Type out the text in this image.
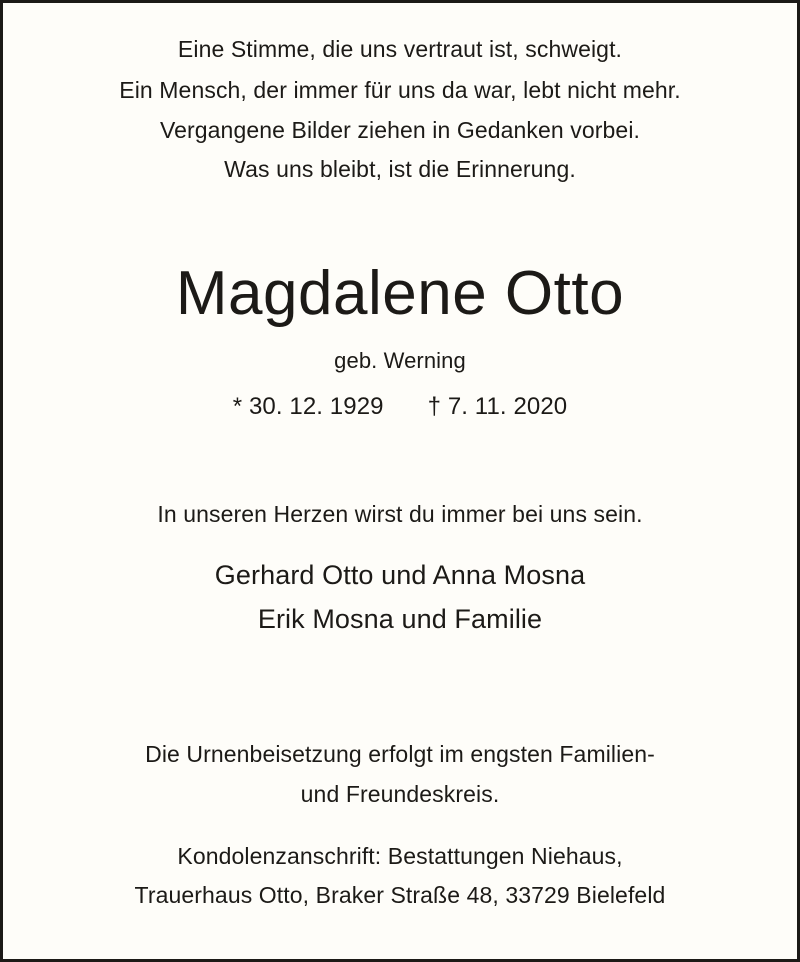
Eine Stimme, die uns vertraut ist, schweigt.
Ein Mensch, der immer für uns da war, lebt nicht mehr.
Vergangene Bilder ziehen in Gedanken vorbei.
Was uns bleibt, ist die Erinnerung.
Magdalene Otto
geb. Werning
* 30. 12. 1929 † 7. 11. 2020
In unseren Herzen wirst du immer bei uns sein.
Gerhard Otto und Anna Mosna
Erik Mosna und Familie
Die Urnenbeisetzung erfolgt im engsten Familien-
und Freundeskreis.
Kondolenzanschrift: Bestattungen Niehaus,
Trauerhaus Otto, Braker Straße 48, 33729 Bielefeld
